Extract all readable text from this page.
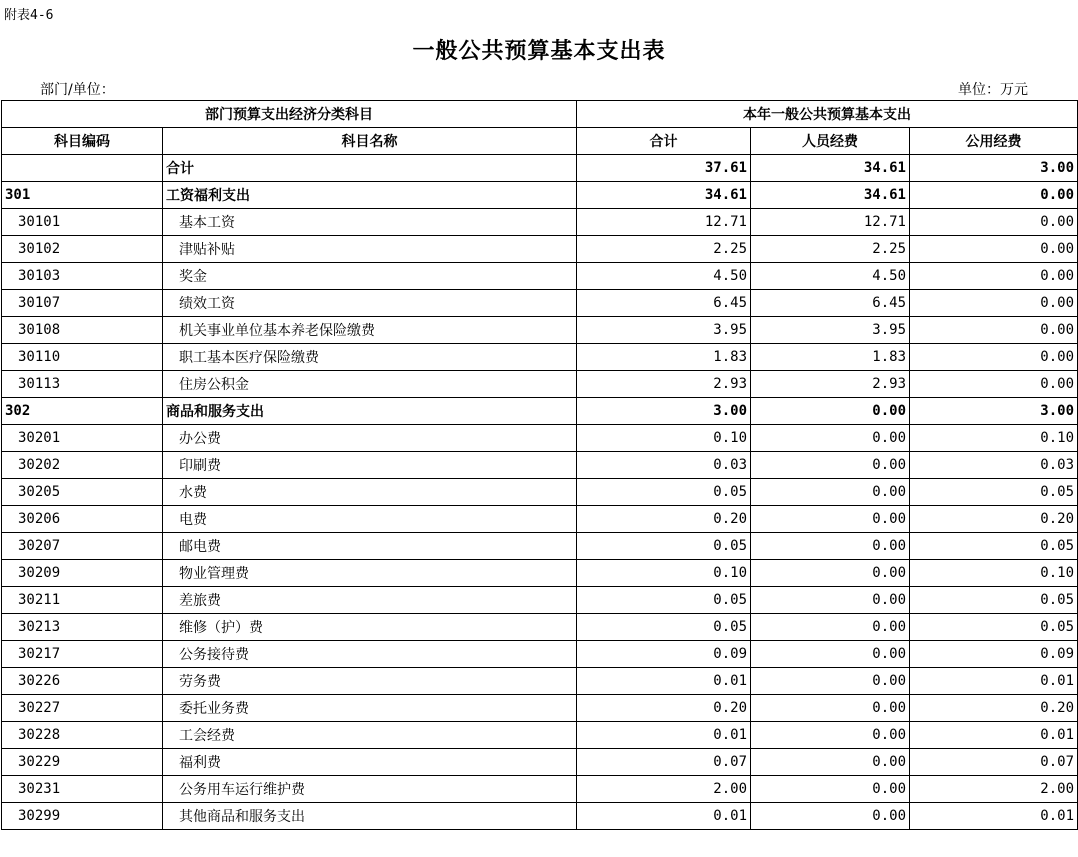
附表4-6
一般公共预算基本支出表
部门/单位：	单位：万元
部门预算支出经济分类科目		本年一般公共预算基本支出		
科目编码	科目名称	合计	人员经费	公用经费
	合计	37.61	34.61	3.00
301	工资福利支出	34.61	34.61	0.00
30101	基本工资	12.71	12.71	0.00
30102	津贴补贴	2.25	2.25	0.00
30103	奖金	4.50	4.50	0.00
30107	绩效工资	6.45	6.45	0.00
30108	机关事业单位基本养老保险缴费	3.95	3.95	0.00
30110	职工基本医疗保险缴费	1.83	1.83	0.00
30113	住房公积金	2.93	2.93	0.00
302	商品和服务支出	3.00	0.00	3.00
30201	办公费	0.10	0.00	0.10
30202	印刷费	0.03	0.00	0.03
30205	水费	0.05	0.00	0.05
30206	电费	0.20	0.00	0.20
30207	邮电费	0.05	0.00	0.05
30209	物业管理费	0.10	0.00	0.10
30211	差旅费	0.05	0.00	0.05
30213	维修（护）费	0.05	0.00	0.05
30217	公务接待费	0.09	0.00	0.09
30226	劳务费	0.01	0.00	0.01
30227	委托业务费	0.20	0.00	0.20
30228	工会经费	0.01	0.00	0.01
30229	福利费	0.07	0.00	0.07
30231	公务用车运行维护费	2.00	0.00	2.00
30299	其他商品和服务支出	0.01	0.00	0.01
